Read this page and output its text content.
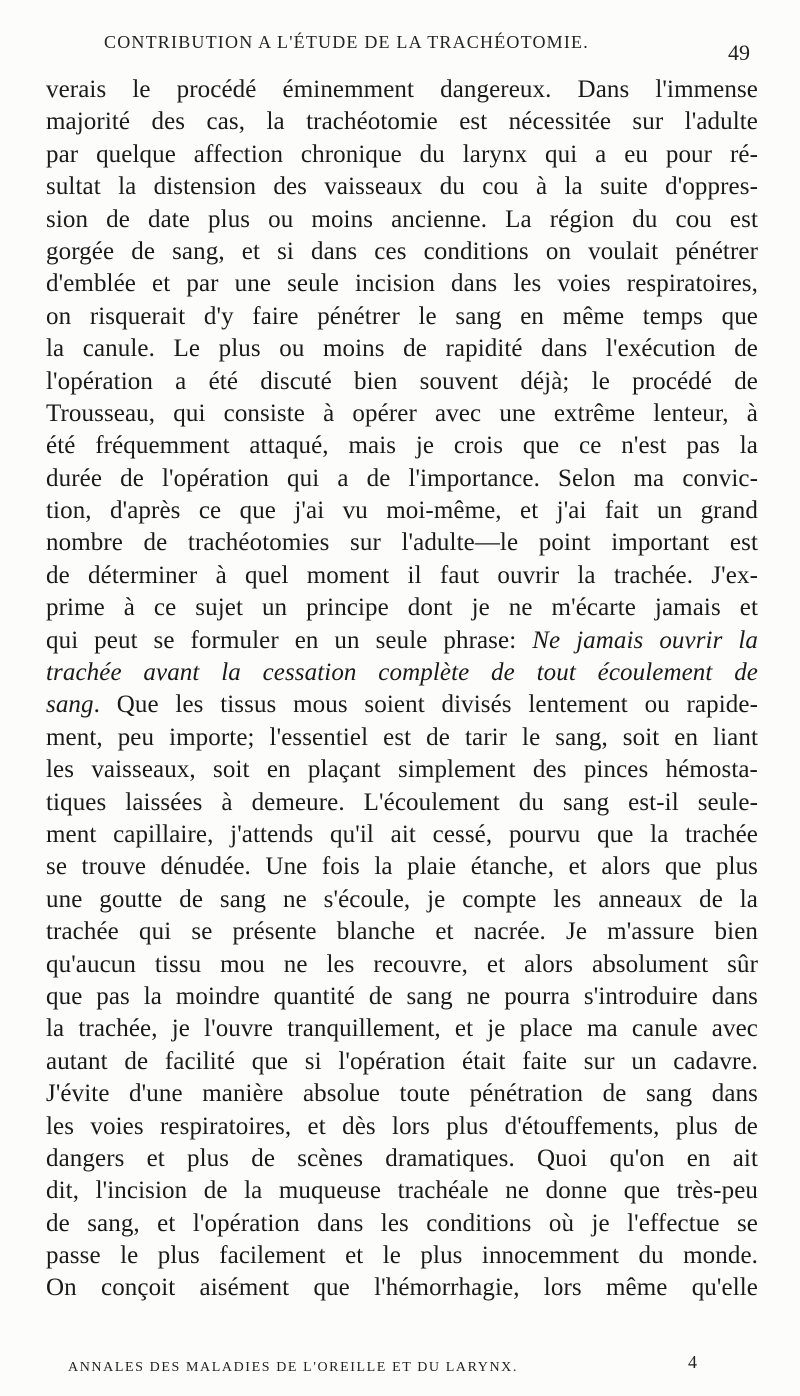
CONTRIBUTION A L'ÉTUDE DE LA TRACHÉOTOMIE.	49
verais le procédé éminemment dangereux. Dans l'immense
majorité des cas, la trachéotomie est nécessitée sur l'adulte
par quelque affection chronique du larynx qui a eu pour ré-
sultat la distension des vaisseaux du cou à la suite d'oppres-
sion de date plus ou moins ancienne. La région du cou est
gorgée de sang, et si dans ces conditions on voulait pénétrer
d'emblée et par une seule incision dans les voies respiratoires,
on risquerait d'y faire pénétrer le sang en même temps que
la canule. Le plus ou moins de rapidité dans l'exécution de
l'opération a été discuté bien souvent déjà; le procédé de
Trousseau, qui consiste à opérer avec une extrême lenteur, à
été fréquemment attaqué, mais je crois que ce n'est pas la
durée de l'opération qui a de l'importance. Selon ma convic-
tion, d'après ce que j'ai vu moi-même, et j'ai fait un grand
nombre de trachéotomies sur l'adulte—le point important est
de déterminer à quel moment il faut ouvrir la trachée. J'ex-
prime à ce sujet un principe dont je ne m'écarte jamais et
qui peut se formuler en un seule phrase: Ne jamais ouvrir la
trachée avant la cessation complète de tout écoulement de
sang. Que les tissus mous soient divisés lentement ou rapide-
ment, peu importe; l'essentiel est de tarir le sang, soit en liant
les vaisseaux, soit en plaçant simplement des pinces hémosta-
tiques laissées à demeure. L'écoulement du sang est-il seule-
ment capillaire, j'attends qu'il ait cessé, pourvu que la trachée
se trouve dénudée. Une fois la plaie étanche, et alors que plus
une goutte de sang ne s'écoule, je compte les anneaux de la
trachée qui se présente blanche et nacrée. Je m'assure bien
qu'aucun tissu mou ne les recouvre, et alors absolument sûr
que pas la moindre quantité de sang ne pourra s'introduire dans
la trachée, je l'ouvre tranquillement, et je place ma canule avec
autant de facilité que si l'opération était faite sur un cadavre.
J'évite d'une manière absolue toute pénétration de sang dans
les voies respiratoires, et dès lors plus d'étouffements, plus de
dangers et plus de scènes dramatiques. Quoi qu'on en ait
dit, l'incision de la muqueuse trachéale ne donne que très-peu
de sang, et l'opération dans les conditions où je l'effectue se
passe le plus facilement et le plus innocemment du monde.
On conçoit aisément que l'hémorrhagie, lors même qu'elle
ANNALES DES MALADIES DE L'OREILLE ET DU LARYNX.	4
